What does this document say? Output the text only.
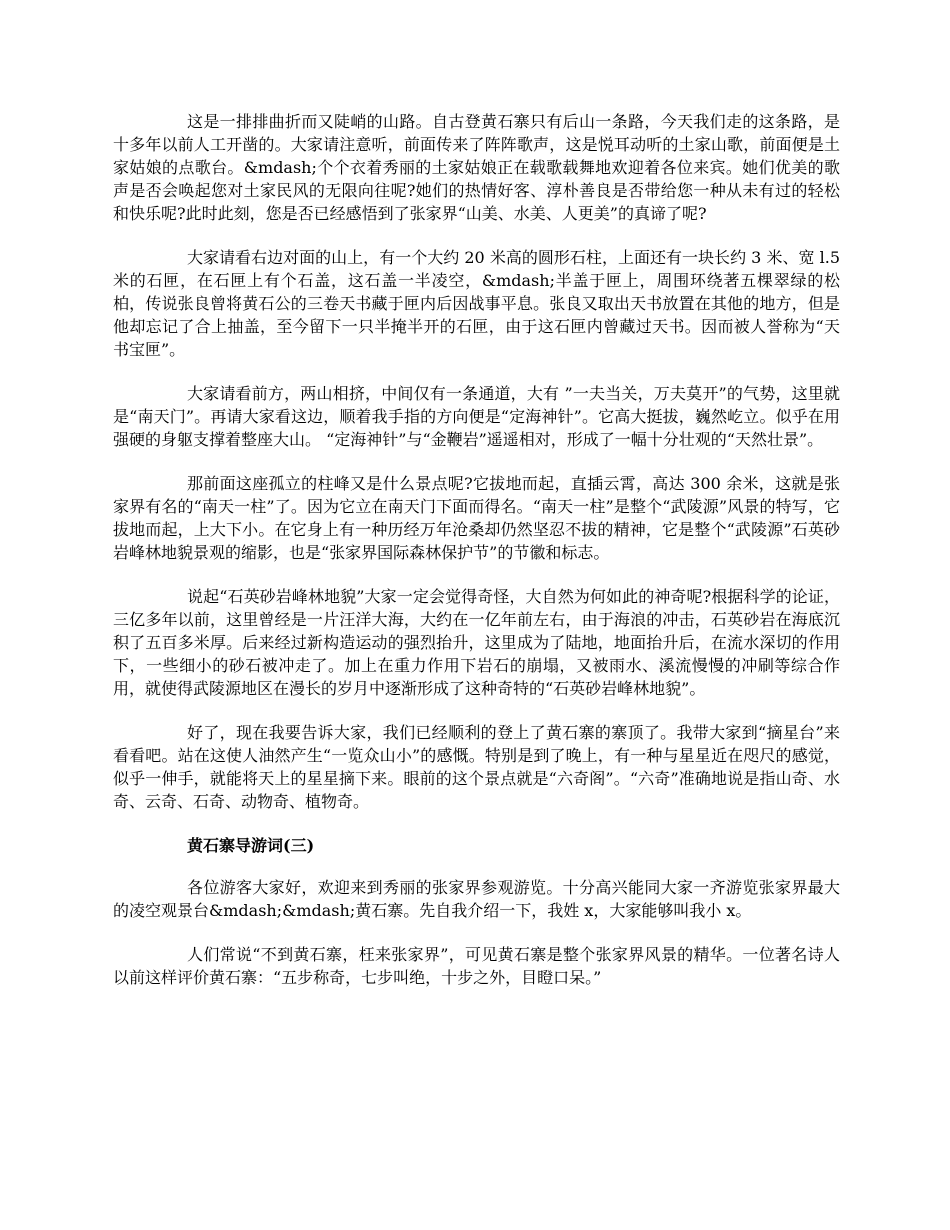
这是一排排曲折而又陡峭的山路。自古登黄石寨只有后山一条路，今天我们走的这条路，是十多年以前人工开凿的。大家请注意听，前面传来了阵阵歌声，这是悦耳动听的土家山歌，前面便是土家姑娘的点歌台。&mdash;个个衣着秀丽的土家姑娘正在载歌载舞地欢迎着各位来宾。她们优美的歌声是否会唤起您对土家民风的无限向往呢?她们的热情好客、淳朴善良是否带给您一种从未有过的轻松和快乐呢?此时此刻，您是否已经感悟到了张家界“山美、水美、人更美”的真谛了呢?

大家请看右边对面的山上，有一个大约 20 米高的圆形石柱，上面还有一块长约 3 米、宽 l.5 米的石匣，在石匣上有个石盖，这石盖一半凌空，&mdash;半盖于匣上，周围环绕著五棵翠绿的松柏，传说张良曾将黄石公的三卷天书藏于匣内后因战事平息。张良又取出天书放置在其他的地方，但是他却忘记了合上抽盖，至今留下一只半掩半开的石匣，由于这石匣内曾藏过天书。因而被人誉称为“天书宝匣”。

大家请看前方，两山相挤，中间仅有一条通道，大有 ”一夫当关，万夫莫开”的气势，这里就是“南天门”。再请大家看这边，顺着我手指的方向便是“定海神针”。它高大挺拔，巍然屹立。似乎在用强硬的身躯支撑着整座大山。 “定海神针”与“金鞭岩”遥遥相对，形成了一幅十分壮观的“天然壮景”。

那前面这座孤立的柱峰又是什么景点呢?它拔地而起，直插云霄，高达 300 余米，这就是张家界有名的“南天一柱”了。因为它立在南天门下面而得名。“南天一柱”是整个“武陵源”风景的特写，它拔地而起，上大下小。在它身上有一种历经万年沧桑却仍然坚忍不拔的精神，它是整个“武陵源”石英砂岩峰林地貌景观的缩影，也是“张家界国际森林保护节”的节徽和标志。

说起“石英砂岩峰林地貌”大家一定会觉得奇怪，大自然为何如此的神奇呢?根据科学的论证，三亿多年以前，这里曾经是一片汪洋大海，大约在一亿年前左右，由于海浪的冲击，石英砂岩在海底沉积了五百多米厚。后来经过新构造运动的强烈抬升，这里成为了陆地，地面抬升后，在流水深切的作用下，一些细小的砂石被冲走了。加上在重力作用下岩石的崩塌，又被雨水、溪流慢慢的冲刷等综合作用，就使得武陵源地区在漫长的岁月中逐渐形成了这种奇特的“石英砂岩峰林地貌”。

好了，现在我要告诉大家，我们已经顺利的登上了黄石寨的寨顶了。我带大家到“摘星台”来看看吧。站在这使人油然产生“一览众山小”的感慨。特别是到了晚上，有一种与星星近在咫尺的感觉，似乎一伸手，就能将天上的星星摘下来。眼前的这个景点就是“六奇阁”。“六奇”准确地说是指山奇、水奇、云奇、石奇、动物奇、植物奇。

黄石寨导游词(三)

各位游客大家好，欢迎来到秀丽的张家界参观游览。十分高兴能同大家一齐游览张家界最大的凌空观景台&mdash;&mdash;黄石寨。先自我介绍一下，我姓 x，大家能够叫我小 x。

人们常说“不到黄石寨，枉来张家界”，可见黄石寨是整个张家界风景的精华。一位著名诗人以前这样评价黄石寨：“五步称奇，七步叫绝，十步之外，目瞪口呆。”
